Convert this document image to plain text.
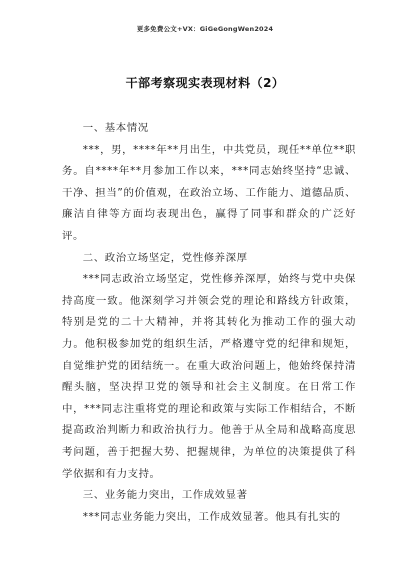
更多免费公文+VX：GiGeGongWen2024
干部考察现实表现材料（2）

一、基本情况

***，男，****年**月出生，中共党员，现任**单位**职务。自****年**月参加工作以来，***同志始终坚持“忠诚、干净、担当”的价值观，在政治立场、工作能力、道德品质、廉洁自律等方面均表现出色，赢得了同事和群众的广泛好评。

二、政治立场坚定，党性修养深厚

***同志政治立场坚定，党性修养深厚，始终与党中央保持高度一致。他深刻学习并领会党的理论和路线方针政策，特别是党的二十大精神，并将其转化为推动工作的强大动力。他积极参加党的组织生活，严格遵守党的纪律和规矩，自觉维护党的团结统一。在重大政治问题上，他始终保持清醒头脑，坚决捍卫党的领导和社会主义制度。在日常工作中，***同志注重将党的理论和政策与实际工作相结合，不断提高政治判断力和政治执行力。他善于从全局和战略高度思考问题，善于把握大势、把握规律，为单位的决策提供了科学依据和有力支持。

三、业务能力突出，工作成效显著

***同志业务能力突出，工作成效显著。他具有扎实的
